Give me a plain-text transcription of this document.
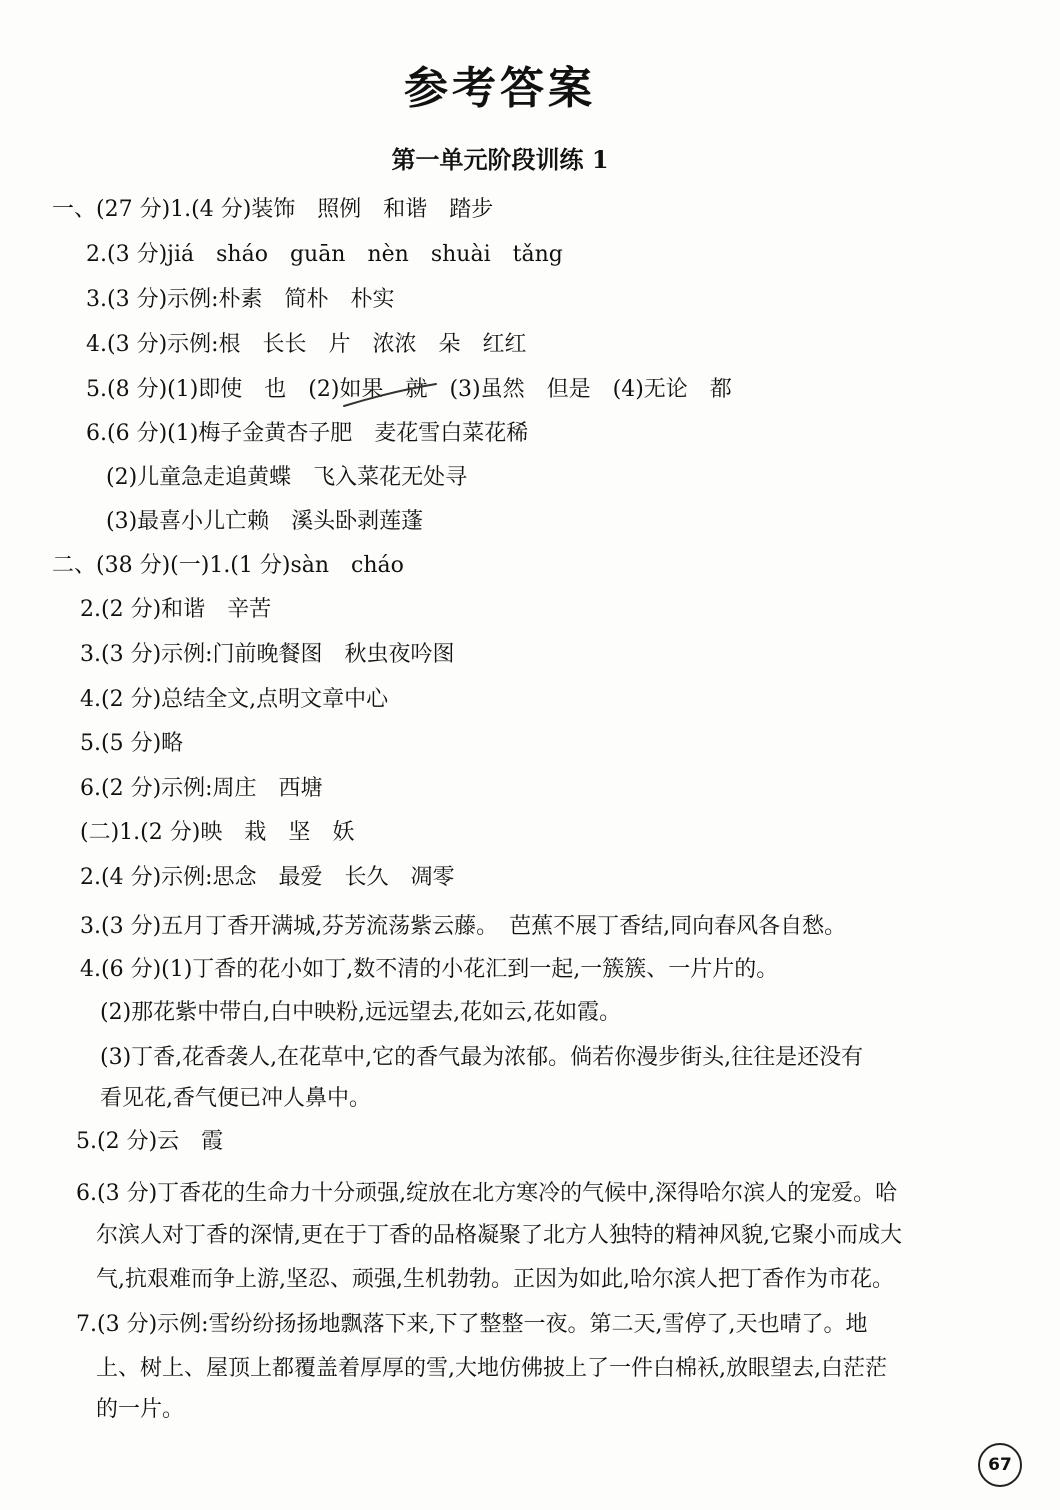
参考答案
第一单元阶段训练 1
一、(27 分)1.(4 分)装饰　照例　和谐　踏步
2.(3 分)jiá　sháo　guān　nèn　shuài　tǎng
3.(3 分)示例:朴素　简朴　朴实
4.(3 分)示例:根　长长　片　浓浓　朵　红红
5.(8 分)(1)即使　也　(2)如果　就　(3)虽然　但是　(4)无论　都
6.(6 分)(1)梅子金黄杏子肥　麦花雪白菜花稀
(2)儿童急走追黄蝶　飞入菜花无处寻
(3)最喜小儿亡赖　溪头卧剥莲蓬
二、(38 分)(一)1.(1 分)sàn　cháo
2.(2 分)和谐　辛苦
3.(3 分)示例:门前晚餐图　秋虫夜吟图
4.(2 分)总结全文,点明文章中心
5.(5 分)略
6.(2 分)示例:周庄　西塘
(二)1.(2 分)映　栽　坚　妖
2.(4 分)示例:思念　最爱　长久　凋零
3.(3 分)五月丁香开满城,芬芳流荡紫云藤。　芭蕉不展丁香结,同向春风各自愁。
4.(6 分)(1)丁香的花小如丁,数不清的小花汇到一起,一簇簇、一片片的。
(2)那花紫中带白,白中映粉,远远望去,花如云,花如霞。
(3)丁香,花香袭人,在花草中,它的香气最为浓郁。倘若你漫步街头,往往是还没有
看见花,香气便已冲人鼻中。
5.(2 分)云　霞
6.(3 分)丁香花的生命力十分顽强,绽放在北方寒冷的气候中,深得哈尔滨人的宠爱。哈
尔滨人对丁香的深情,更在于丁香的品格凝聚了北方人独特的精神风貌,它聚小而成大
气,抗艰难而争上游,坚忍、顽强,生机勃勃。正因为如此,哈尔滨人把丁香作为市花。
7.(3 分)示例:雪纷纷扬扬地飘落下来,下了整整一夜。第二天,雪停了,天也晴了。地
上、树上、屋顶上都覆盖着厚厚的雪,大地仿佛披上了一件白棉袄,放眼望去,白茫茫
的一片。
67
